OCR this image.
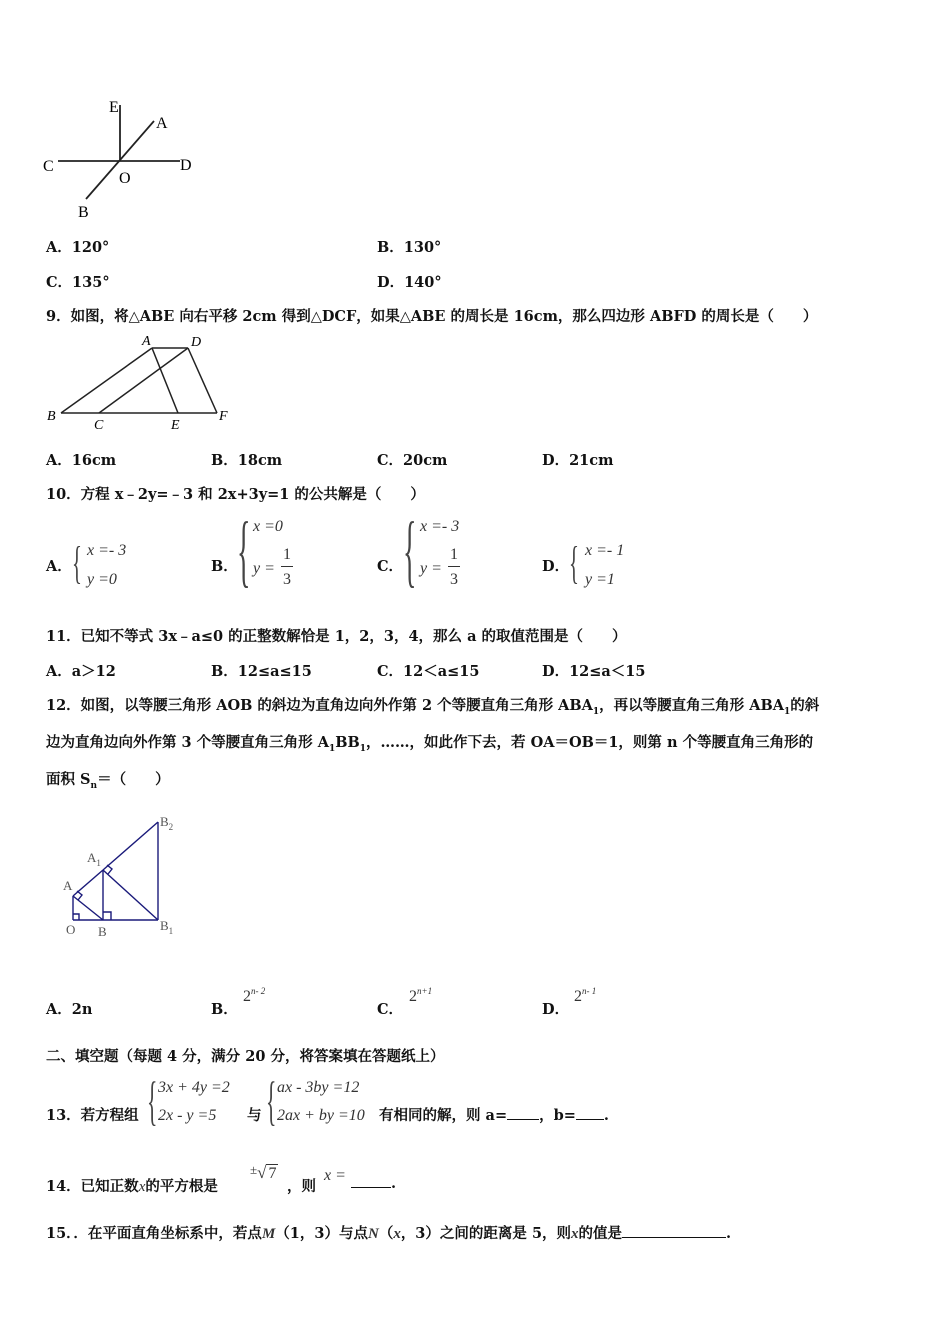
E
A
C
O
D
B
A．120°	B．130°
C．135°	D．140°
9．如图，将△ABE 向右平移 2cm 得到△DCF，如果△ABE 的周长是 16cm，那么四边形 ABFD 的周长是（　　）
A	D
B
C	E
F
A．16cm	B．18cm	C．20cm	D．21cm
10．方程 x﹣2y=﹣3 和 2x+3y=1 的公共解是（　　）
A． { x =- 3
y =0
B． { x =0
y =
1
3
C． { x =- 3
y =
1
3
D． { x =- 1
y =1
11．已知不等式 3x﹣a≤0 的正整数解恰是 1，2，3，4，那么 a 的取值范围是（　　）
A．a＞12	B．12≤a≤15	C．12＜a≤15	D．12≤a＜15
12．如图，以等腰三角形 AOB 的斜边为直角边向外作第 2 个等腰直角三角形 $ABA_1$，再以等腰直角三角形 $ABA_1$的斜
边为直角边向外作第 3 个等腰直角三角形 $A_1BB_1$，……，如此作下去，若 OA＝OB＝1，则第 n 个等腰直角三角形的
面积 $S_n=$（　　）
$B_2$
$A_1$
A
O B	$B_1$
A．2n	B．
2$^{n- 2}$
C．
$2^{n+1}$
D．
2$^{n- 1}$
二、填空题（每题 4 分，满分 20 分，将答案填在答题纸上）
13．若方程组 { 3x + 4y =2
2x - y =5 与 { ax - 3by =12
2ax + by =10 有相同的解，则 a= ，b= .
14．已知正数x的平方根是
±√ 7
，则
x =	.
15．．在平面直角坐标系中，若点M（1，3）与点N（x，3）之间的距离是 5，则x的值是	.
